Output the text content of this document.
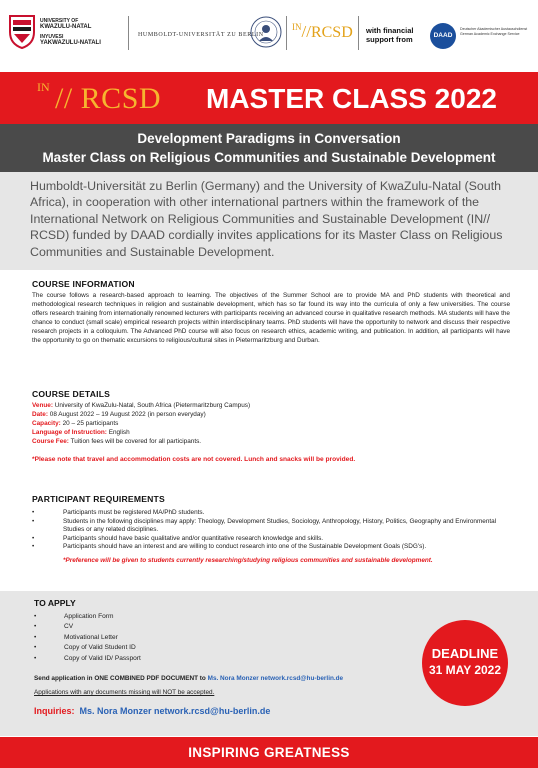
UNIVERSITY OF
KWAZULU-NATAL
INYUVESI
YAKWAZULU-NATALI
HUMBOLDT-UNIVERSITÄT ZU BERLIN
$^{IN}$//RCSD with financial support from	DAAD
Deutscher Akademischer Austauschdienst
German Academic Exchange Service
IN // RCSD MASTER CLASS 2022
Development Paradigms in Conversation
Master Class on Religious Communities and Sustainable Development

Humboldt-Universität zu Berlin (Germany) and the University of KwaZulu-Natal (South Africa), in cooperation with other international partners within the framework of the International Network on Religious Communities and Sustainable Development (IN// RCSD) funded by DAAD cordially invites applications for its Master Class on Religious Communities and Sustainable Development.

COURSE INFORMATION

The course follows a research-based approach to learning. The objectives of the Summer School are to provide MA and PhD students with theoretical and methodological research techniques in religion and sustainable development, which has so far found its way into the curricula of only a few universities. The course offers research training from internationally renowned lecturers with participants receiving an advanced course in qualitative research methods. MA students will have the chance to conduct (small scale) empirical research projects within interdisciplinary teams. PhD students will have the opportunity to network and discuss their respective research projects in a colloquium. The Advanced PhD course will also focus on research ethics, academic writing, and publication. In addition, all participants will have the opportunity to go on thematic excursions to religious/cultural sites in Pietermaritzburg and Durban.

COURSE DETAILS
Venue: University of KwaZulu-Natal, South Africa (Pietermaritzburg Campus)
Date: 08 August 2022 – 19 August 2022 (in person everyday)
Capacity: 20 – 25 participants
Language of Instruction: English
Course Fee: Tuition fees will be covered for all participants.
*Please note that travel and accommodation costs are not covered. Lunch and snacks will be provided.
PARTICIPANT REQUIREMENTS
• Participants must be registered MA/PhD students.
• Students in the following disciplines may apply: Theology, Development Studies, Sociology, Anthropology, History, Politics, Geography and Environmental Studies or any related disciplines.
• Participants should have basic qualitative and/or quantitative research knowledge and skills.
• Participants should have an interest and are willing to conduct research into one of the Sustainable Development Goals (SDG's).
*Preference will be given to students currently researching/studying religious communities and sustainable development.
TO APPLY
• Application Form
• CV
• Motivational Letter
• Copy of Valid Student ID
• Copy of Valid ID/ Passport
Send application in ONE COMBINED PDF DOCUMENT to Ms. Nora Monzer network.rcsd@hu-berlin.de
Applications with any documents missing will NOT be accepted.
Inquiries: Ms. Nora Monzer network.rcsd@hu-berlin.de
DEADLINE
31 MAY 2022
INSPIRING GREATNESS
